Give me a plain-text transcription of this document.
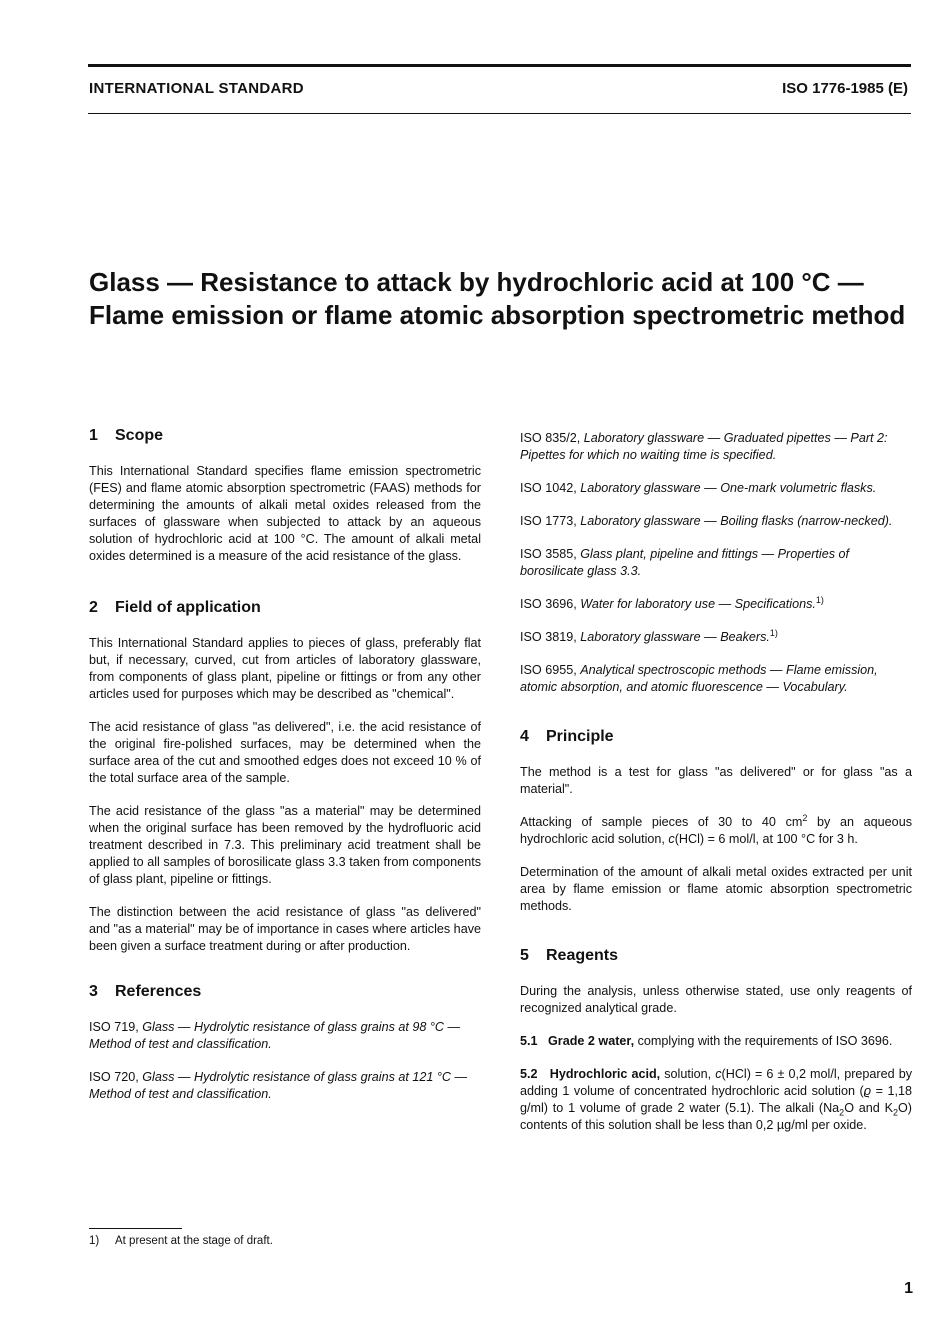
INTERNATIONAL STANDARD	ISO 1776-1985 (E)
Glass — Resistance to attack by hydrochloric acid at 100 °C — Flame emission or flame atomic absorption spectrometric method
1 Scope

This International Standard specifies flame emission spectrometric (FES) and flame atomic absorption spectrometric (FAAS) methods for determining the amounts of alkali metal oxides released from the surfaces of glassware when subjected to attack by an aqueous solution of hydrochloric acid at 100 °C. The amount of alkali metal oxides determined is a measure of the acid resistance of the glass.

2 Field of application

This International Standard applies to pieces of glass, preferably flat but, if necessary, curved, cut from articles of laboratory glassware, from components of glass plant, pipeline or fittings or from any other articles used for purposes which may be described as "chemical".

The acid resistance of glass "as delivered", i.e. the acid resistance of the original fire-polished surfaces, may be determined when the surface area of the cut and smoothed edges does not exceed 10 % of the total surface area of the sample.

The acid resistance of the glass "as a material" may be determined when the original surface has been removed by the hydrofluoric acid treatment described in 7.3. This preliminary acid treatment shall be applied to all samples of borosilicate glass 3.3 taken from components of glass plant, pipeline or fittings.

The distinction between the acid resistance of glass "as delivered" and "as a material" may be of importance in cases where articles have been given a surface treatment during or after production.

3 References

ISO 719, Glass — Hydrolytic resistance of glass grains at 98 °C — Method of test and classification.

ISO 720, Glass — Hydrolytic resistance of glass grains at 121 °C — Method of test and classification.

ISO 835/2, Laboratory glassware — Graduated pipettes — Part 2: Pipettes for which no waiting time is specified.

ISO 1042, Laboratory glassware — One-mark volumetric flasks.

ISO 1773, Laboratory glassware — Boiling flasks (narrow-necked).

ISO 3585, Glass plant, pipeline and fittings — Properties of borosilicate glass 3.3.

ISO 3696, Water for laboratory use — Specifications.$^{1)}$

ISO 3819, Laboratory glassware — Beakers.$^{1)}$

ISO 6955, Analytical spectroscopic methods — Flame emission, atomic absorption, and atomic fluorescence — Vocabulary.

4 Principle

The method is a test for glass "as delivered" or for glass "as a material".

Attacking of sample pieces of 30 to 40 $cm^2$ by an aqueous hydrochloric acid solution, c(HCl) = 6 mol/l, at 100 °C for 3 h.

Determination of the amount of alkali metal oxides extracted per unit area by flame emission or flame atomic absorption spectrometric methods.

5 Reagents

During the analysis, unless otherwise stated, use only reagents of recognized analytical grade.

5.1 Grade 2 water, complying with the requirements of ISO 3696.

5.2 Hydrochloric acid, solution, c(HCl) = 6 ± 0,2 mol/l, prepared by adding 1 volume of concentrated hydrochloric acid solution (ϱ = 1,18 g/ml) to 1 volume of grade 2 water (5.1). The alkali ($Na_2O$ and $K_2O$) contents of this solution shall be less than 0,2 µg/ml per oxide.

1) At present at the stage of draft.
1
